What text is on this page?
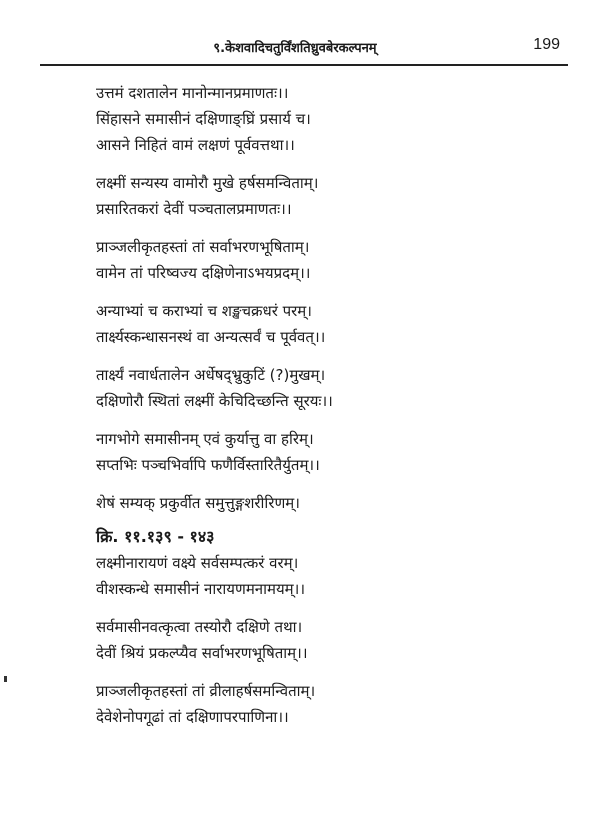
९.केशवादिचतुर्विंशतिध्रुवबेरकल्पनम्	199
उत्तमं दशतालेन मानोन्मानप्रमाणतः।।
सिंहासने समासीनं दक्षिणाङ्घ्रिं प्रसार्य च।
आसने निहितं वामं लक्षणं पूर्ववत्तथा।।
लक्ष्मीं सन्यस्य वामोरौ मुखे हर्षसमन्विताम्।
प्रसारितकरां देवीं पञ्चतालप्रमाणतः।।
प्राञ्जलीकृतहस्तां तां सर्वाभरणभूषिताम्।
वामेन तां परिष्वज्य दक्षिणेनाऽभयप्रदम्।।
अन्याभ्यां च कराभ्यां च शङ्खचक्रधरं परम्।
तार्क्ष्यस्कन्धासनस्थं वा अन्यत्सर्वं च पूर्ववत्।।
तार्क्ष्यं नवार्धतालेन अर्धेषद्भ्रुकुटिं (?)मुखम्।
दक्षिणोरौ स्थितां लक्ष्मीं केचिदिच्छन्ति सूरयः।।
नागभोगे समासीनम् एवं कुर्यात्तु वा हरिम्।
सप्तभिः पञ्चभिर्वापि फणैर्विस्तारितैर्युतम्।।
शेषं सम्यक् प्रकुर्वीत समुत्तुङ्गशरीरिणम्।
क्रि. ११.१३९ - १४३
लक्ष्मीनारायणं वक्ष्ये सर्वसम्पत्करं वरम्।
वीशस्कन्धे समासीनं नारायणमनामयम्।।
सर्वमासीनवत्कृत्वा तस्योरौ दक्षिणे तथा।
देवीं श्रियं प्रकल्प्यैव सर्वाभरणभूषिताम्।।
प्राञ्जलीकृतहस्तां तां व्रीलाहर्षसमन्विताम्।
देवेशेनोपगूढां तां दक्षिणापरपाणिना।।
